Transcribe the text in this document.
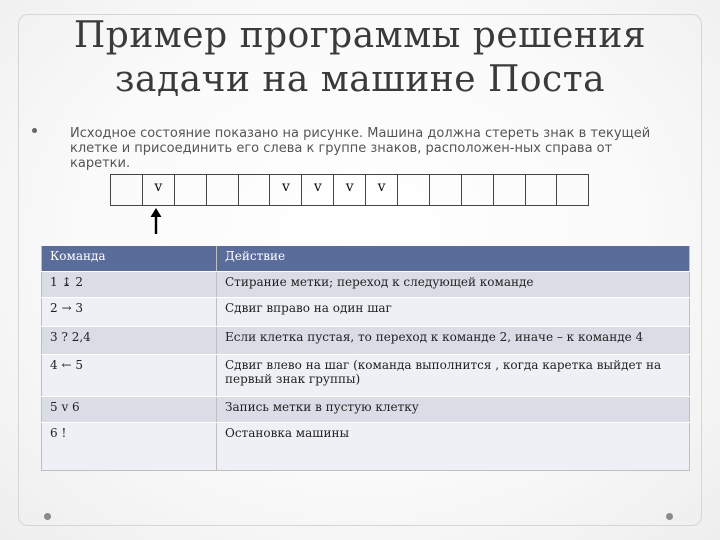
Пример программы решения
задачи на машине Поста
Исходное состояние показано на рисунке. Машина должна стереть знак в текущей клетке и присоединить его слева к группе знаков, расположен-ных справа от каретки.
v	v	v	v	v
Команда	Действие
1 ↨ 2	Стирание метки; переход к следующей команде
2 → 3	Сдвиг вправо на один шаг
3 ? 2,4	Если клетка пустая, то переход к команде 2, иначе – к команде 4
4 ← 5	Сдвиг влево на шаг (команда выполнится , когда каретка выйдет на первый знак группы)
5 v 6	Запись метки в пустую клетку
6 !	Остановка машины
